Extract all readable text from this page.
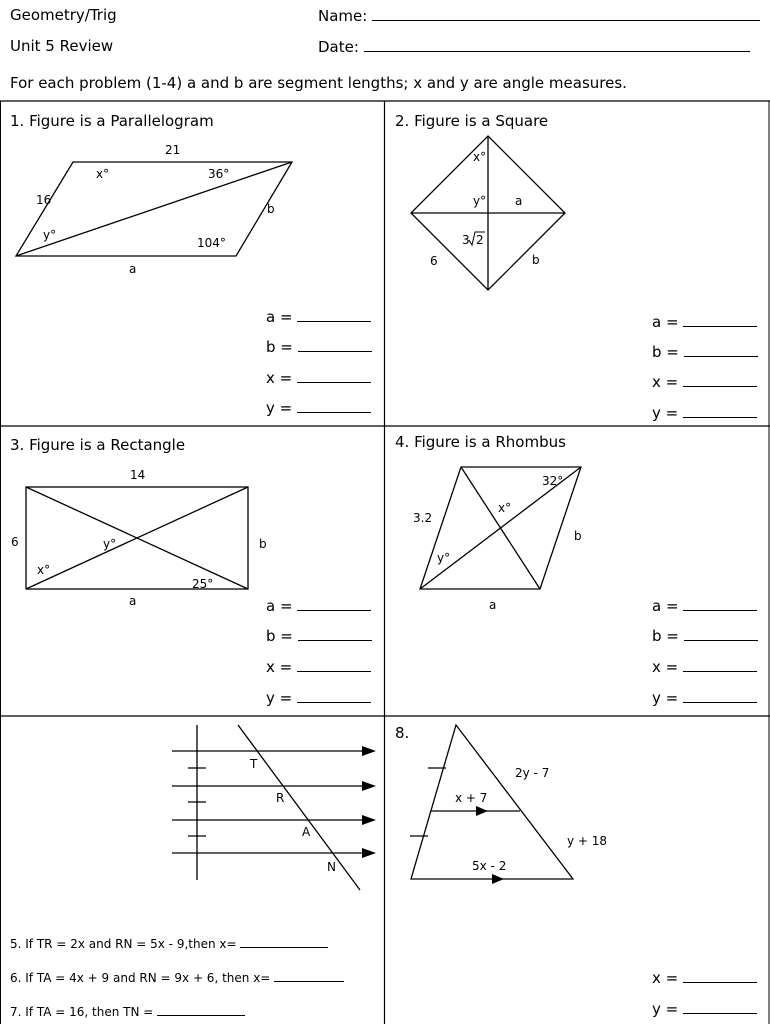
Geometry/Trig
Unit 5 Review
Name:
Date:
For each problem (1-4) a and b are segment lengths; x and y are angle measures.
1. Figure is a Parallelogram	2. Figure is a Square
3. Figure is a Rectangle	4. Figure is a Rhombus
8.
21
16
b
a
x°	36°
y°
104°
x°
y° a
3 2
6	b
14
6	b
a
y°
x°
25°
32°
3.2
x°
y°
b
a
T
R
A
N
2y - 7
x + 7
y + 18
5x - 2
a =
b =
x =
y =
a =
b =
x =
y =
a =
b =
x =
y =
a =
b =
x =
y =
5. If TR = 2x and RN = 5x - 9,then x=
6. If TA = 4x + 9 and RN = 9x + 6, then x=
7. If TA = 16, then TN =
x =
y =
